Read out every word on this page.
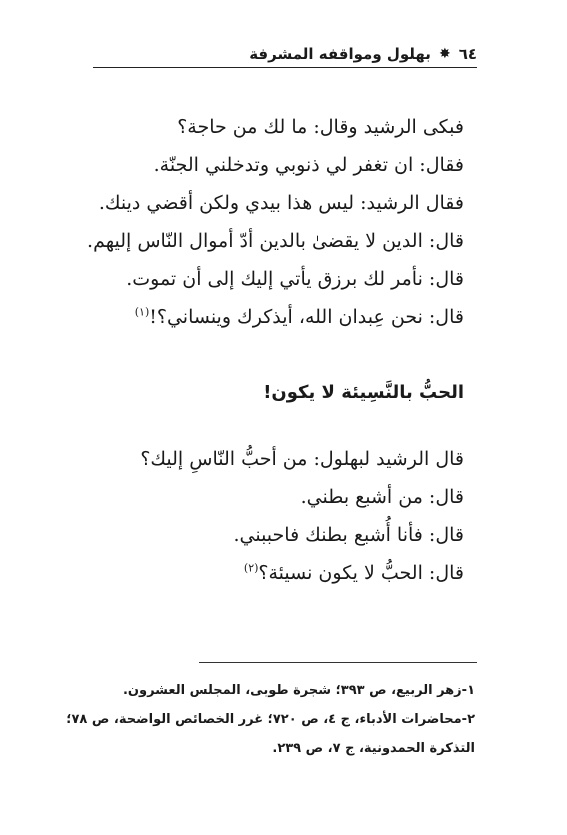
٦٤
✸
بهلول ومواقفه المشرفة
فبكى الرشيد وقال: ما لك من حاجة؟
فقال: ان تغفر لي ذنوبي وتدخلني الجنّة.
فقال الرشيد: ليس هذا بيدي ولكن أقضي دينك.
قال: الدين لا يقضىٰ بالدين أدّ أموال النّاس إليهم.
قال: نأمر لك برزق يأتي إليك إلى أن تموت.
قال: نحن عِبدان الله، أيذكرك وينساني؟!$^{(١)}$
الحبُّ بالنَّسِيئة لا يكون!
قال الرشيد لبهلول: من أحبُّ النّاسِ إليك؟
قال: من أشبع بطني.
قال: فأنا أُشبع بطنك فاحببني.
قال: الحبُّ لا يكون نسيئة؟$^{(٢)}$
١-زهر الربيع، ص ٣٩٣؛ شجرة طوبى، المجلس العشرون.
٢-محاضرات الأدباء، ج ٤، ص ٧٢٠؛ غرر الخصائص الواضحة، ص ٧٨؛
التذكرة الحمدونية، ج ٧، ص ٢٣٩.
